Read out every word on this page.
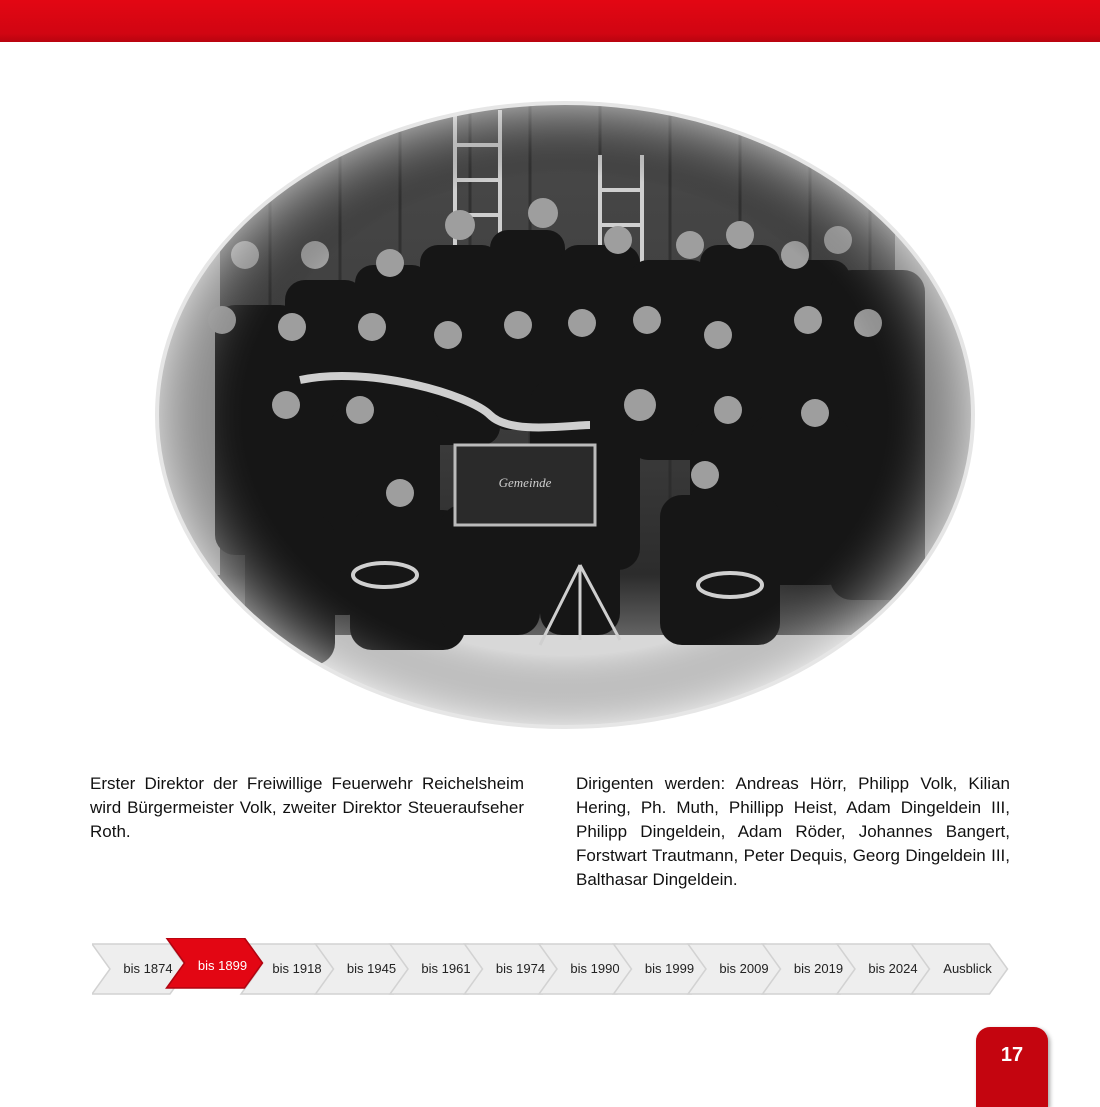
Erster Direktor der Freiwillige Feuerwehr Reichelsheim wird Bürgermeister Volk, zweiter Direktor Steueraufseher Roth.
Dirigenten werden: Andreas Hörr, Philipp Volk, Kilian Hering, Ph. Muth, Phillipp Heist, Adam Dingeldein III, Philipp Dingeldein, Adam Röder, Johannes Bangert, Forstwart Trautmann, Peter Dequis, Georg Dingeldein III, Balthasar Dingeldein.
bis 1874	bis 1899	bis 1918	bis 1945	bis 1961	bis 1974	bis 1990	bis 1999	bis 2009	bis 2019	bis 2024	Ausblick
17
